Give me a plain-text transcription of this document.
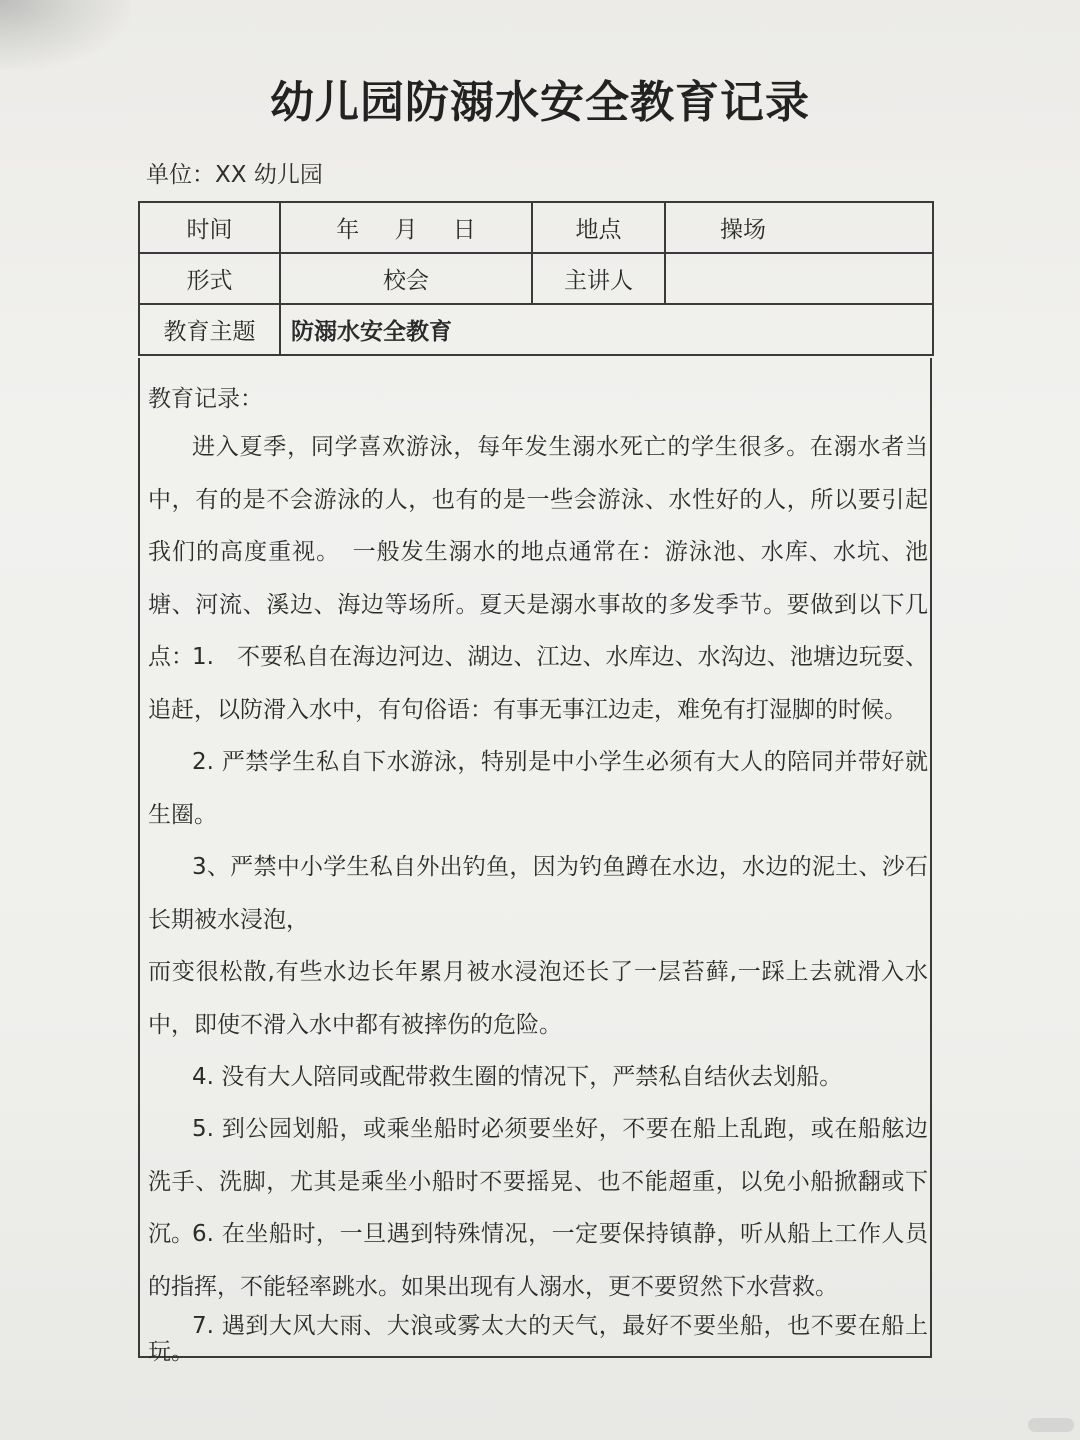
幼儿园防溺水安全教育记录
单位：XX 幼儿园
时间	年 月 日	地点	操场
形式	校会	主讲人	
教育主题	防溺水安全教育		
教育记录：

进入夏季，同学喜欢游泳，每年发生溺水死亡的学生很多。在溺水者当中，有的是不会游泳的人，也有的是一些会游泳、水性好的人，所以要引起我们的高度重视。　一般发生溺水的地点通常在：游泳池、水库、水坑、池塘、河流、溪边、海边等场所。夏天是溺水事故的多发季节。要做到以下几点：

1.　不要私自在海边河边、湖边、江边、水库边、水沟边、池塘边玩耍、追赶，以防滑入水中，有句俗语：有事无事江边走，难免有打湿脚的时候。

2. 严禁学生私自下水游泳，特别是中小学生必须有大人的陪同并带好就生圈。

3、严禁中小学生私自外出钓鱼，因为钓鱼蹲在水边，水边的泥土、沙石长期被水浸泡，

而变很松散,有些水边长年累月被水浸泡还长了一层苔藓,一踩上去就滑入水中，即使不滑入水中都有被摔伤的危险。

4. 没有大人陪同或配带救生圈的情况下，严禁私自结伙去划船。

5. 到公园划船，或乘坐船时必须要坐好，不要在船上乱跑，或在船舷边洗手、洗脚，尤其是乘坐小船时不要摇晃、也不能超重，以免小船掀翻或下沉。

6. 在坐船时，一旦遇到特殊情况，一定要保持镇静，听从船上工作人员的指挥，不能轻率跳水。如果出现有人溺水，更不要贸然下水营救。

7. 遇到大风大雨、大浪或雾太大的天气，最好不要坐船，也不要在船上玩。
